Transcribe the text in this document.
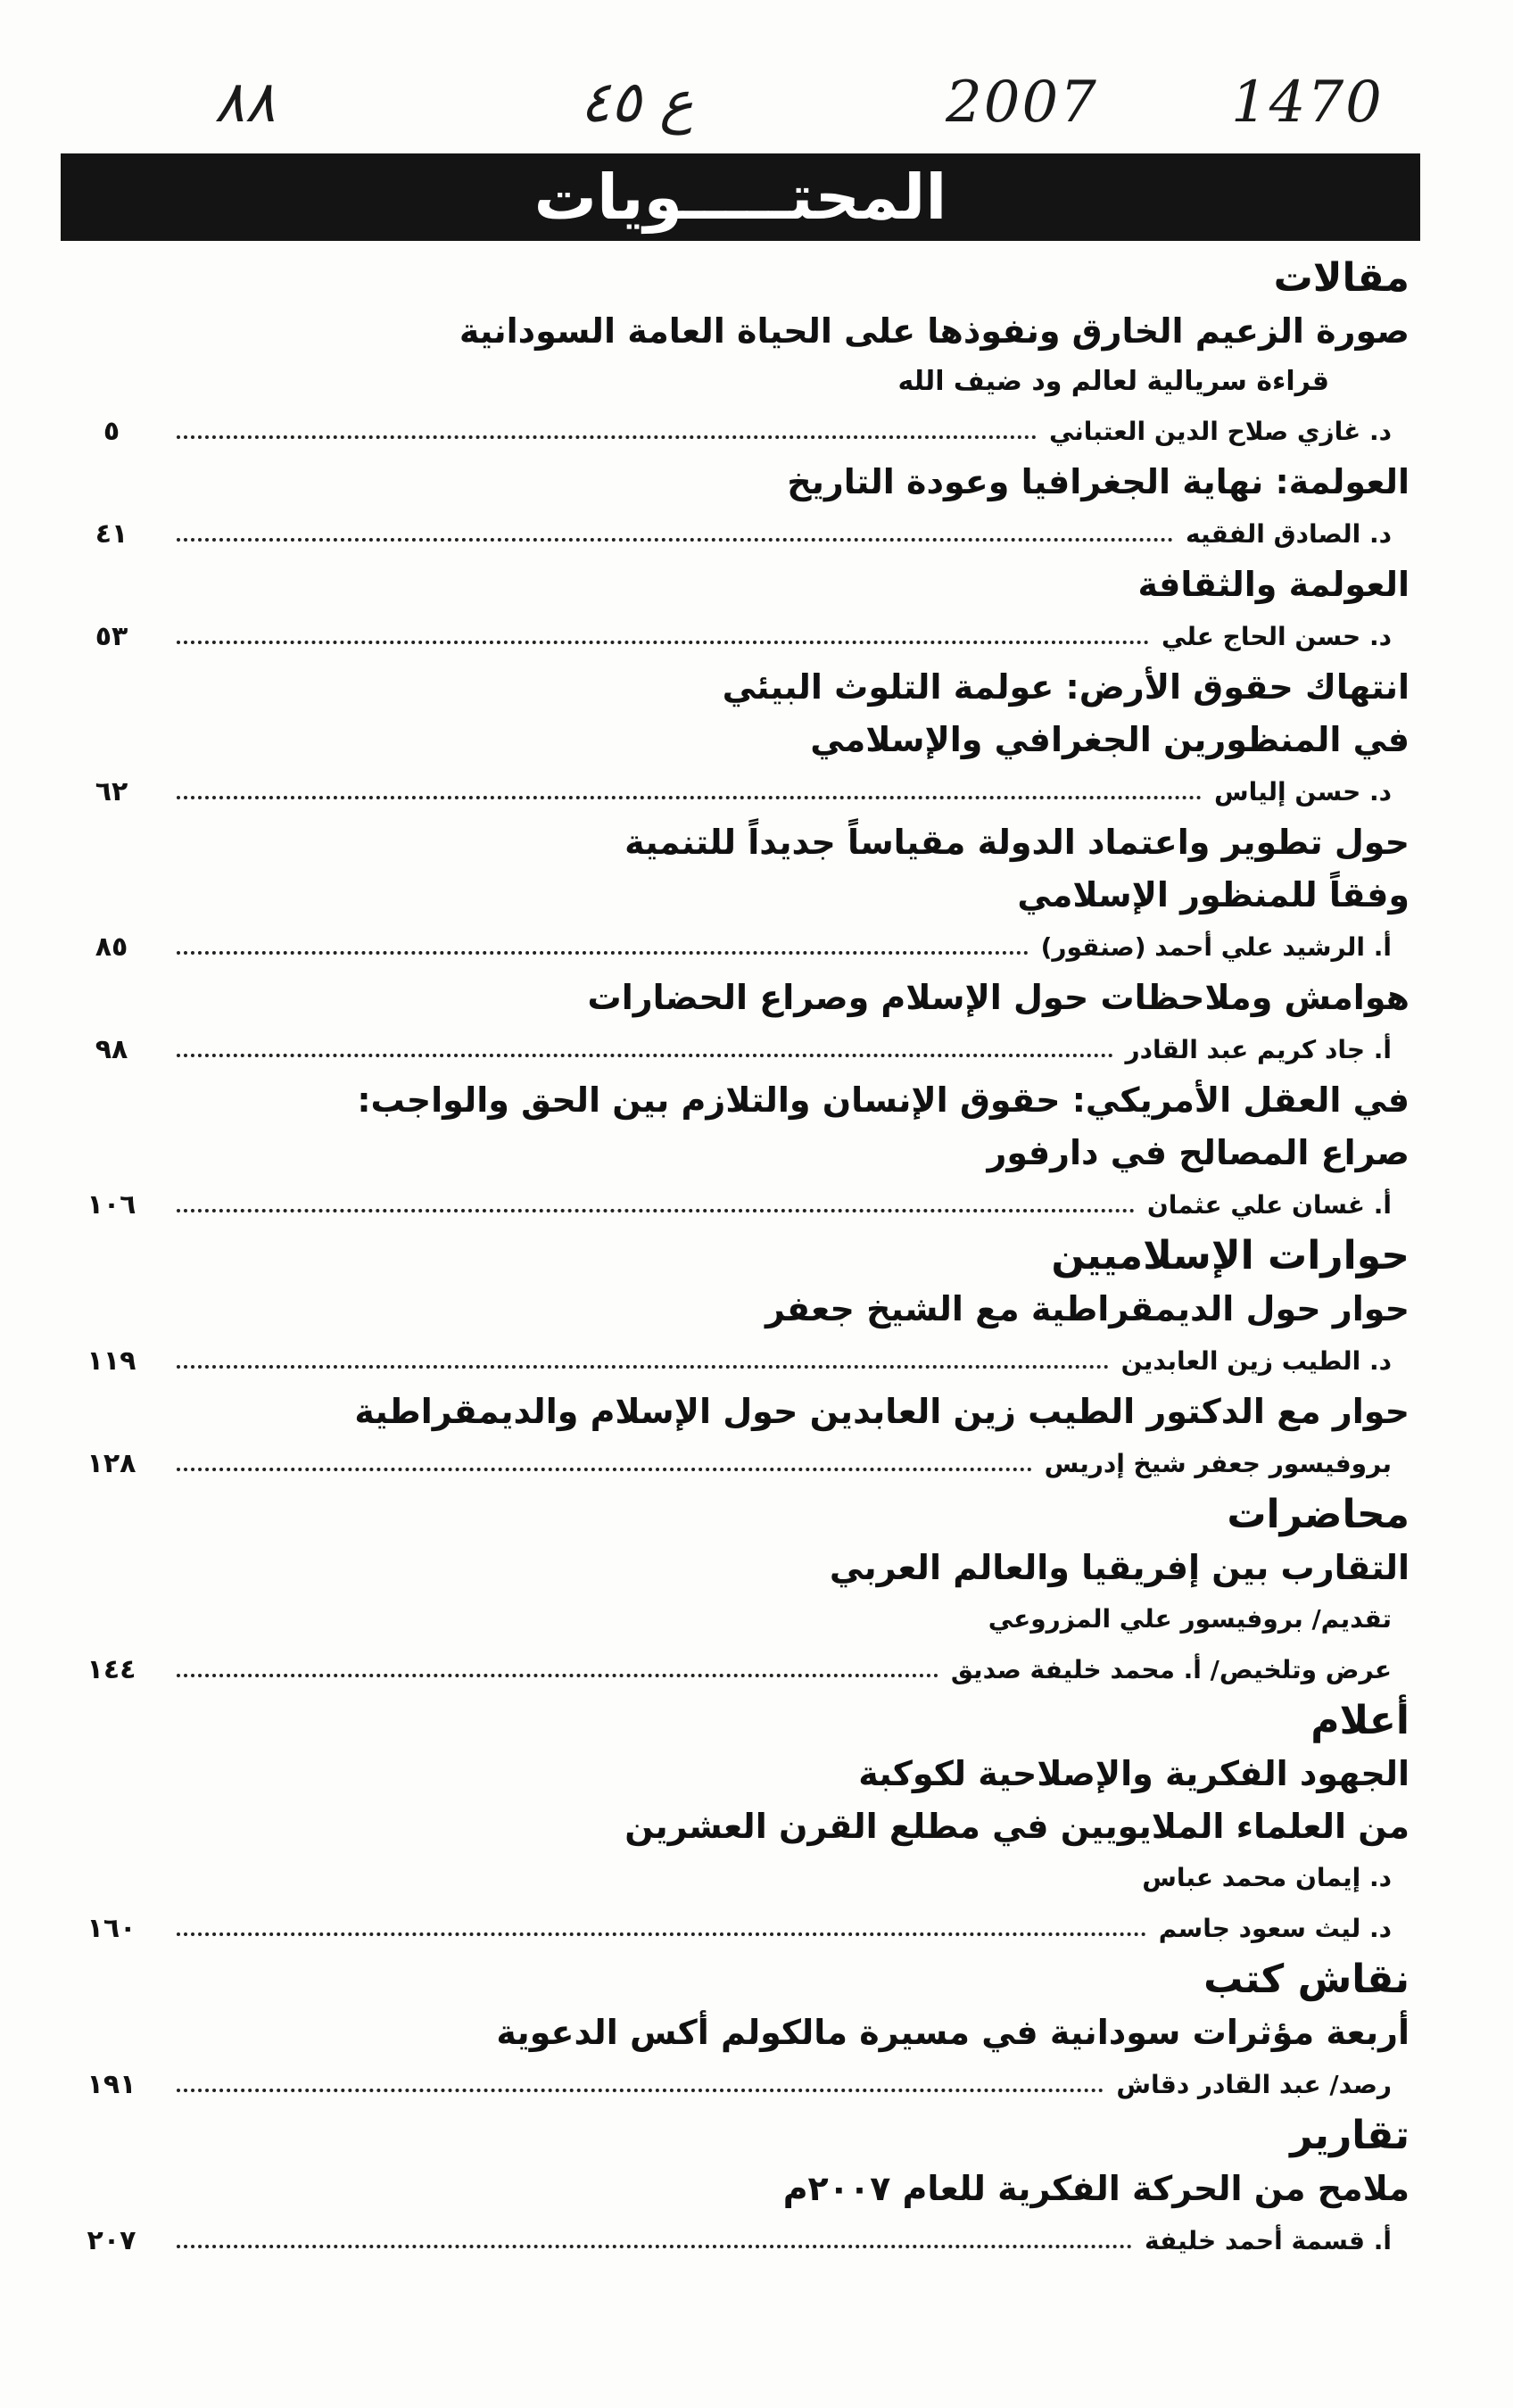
1470
2007
ع ٤٥
٨٨
المحتـــــويات
مقالات
صورة الزعيم الخارق ونفوذها على الحياة العامة السودانية
قراءة سريالية لعالم ود ضيف الله
د. غازي صلاح الدين العتباني
٥
العولمة: نهاية الجغرافيا وعودة التاريخ
د. الصادق الفقيه
٤١
العولمة والثقافة
د. حسن الحاج علي
٥٣
انتهاك حقوق الأرض: عولمة التلوث البيئي
في المنظورين الجغرافي والإسلامي
د. حسن إلياس
٦٢
حول تطوير واعتماد الدولة مقياساً جديداً للتنمية
وفقاً للمنظور الإسلامي
أ. الرشيد علي أحمد (صنقور)
٨٥
هوامش وملاحظات حول الإسلام وصراع الحضارات
أ. جاد كريم عبد القادر
٩٨
في العقل الأمريكي: حقوق الإنسان والتلازم بين الحق والواجب:
صراع المصالح في دارفور
أ. غسان علي عثمان
١٠٦
حوارات الإسلاميين
حوار حول الديمقراطية مع الشيخ جعفر
د. الطيب زين العابدين
١١٩
حوار مع الدكتور الطيب زين العابدين حول الإسلام والديمقراطية
بروفيسور جعفر شيخ إدريس
١٢٨
محاضرات
التقارب بين إفريقيا والعالم العربي
تقديم/ بروفيسور علي المزروعي
عرض وتلخيص/ أ. محمد خليفة صديق
١٤٤
أعلام
الجهود الفكرية والإصلاحية لكوكبة
من العلماء الملايويين في مطلع القرن العشرين
د. إيمان محمد عباس
د. ليث سعود جاسم
١٦٠
نقاش كتب
أربعة مؤثرات سودانية في مسيرة مالكولم أكس الدعوية
رصد/ عبد القادر دقاش
١٩١
تقارير
ملامح من الحركة الفكرية للعام ٢٠٠٧م
أ. قسمة أحمد خليفة
٢٠٧
